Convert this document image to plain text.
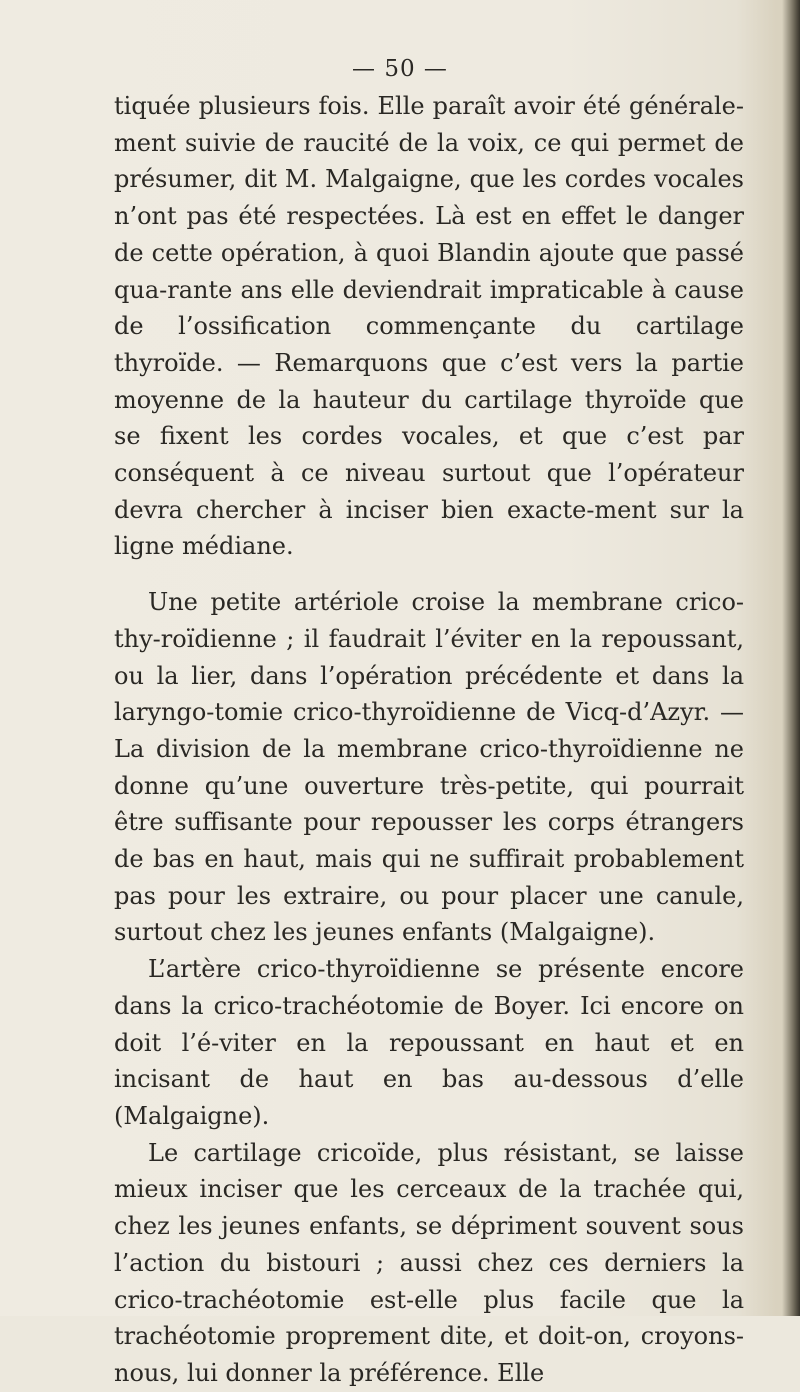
— 50 —

tiquée plusieurs fois. Elle paraît avoir été générale-ment suivie de raucité de la voix, ce qui permet de présumer, dit M. Malgaigne, que les cordes vocales n’ont pas été respectées. Là est en effet le danger de cette opération, à quoi Blandin ajoute que passé qua-rante ans elle deviendrait impraticable à cause de l’ossification commençante du cartilage thyroïde. — Remarquons que c’est vers la partie moyenne de la hauteur du cartilage thyroïde que se fixent les cordes vocales, et que c’est par conséquent à ce niveau surtout que l’opérateur devra chercher à inciser bien exacte-ment sur la ligne médiane.

Une petite artériole croise la membrane crico-thy-roïdienne ; il faudrait l’éviter en la repoussant, ou la lier, dans l’opération précédente et dans la laryngo-tomie crico-thyroïdienne de Vicq-d’Azyr. — La division de la membrane crico-thyroïdienne ne donne qu’une ouverture très-petite, qui pourrait être suffisante pour repousser les corps étrangers de bas en haut, mais qui ne suffirait probablement pas pour les extraire, ou pour placer une canule, surtout chez les jeunes enfants (Malgaigne).

L’artère crico-thyroïdienne se présente encore dans la crico-trachéotomie de Boyer. Ici encore on doit l’é-viter en la repoussant en haut et en incisant de haut en bas au-dessous d’elle (Malgaigne).

Le cartilage cricoïde, plus résistant, se laisse mieux inciser que les cerceaux de la trachée qui, chez les jeunes enfants, se dépriment souvent sous l’action du bistouri ; aussi chez ces derniers la crico-trachéotomie est-elle plus facile que la trachéotomie proprement dite, et doit-on, croyons-nous, lui donner la préférence. Elle
